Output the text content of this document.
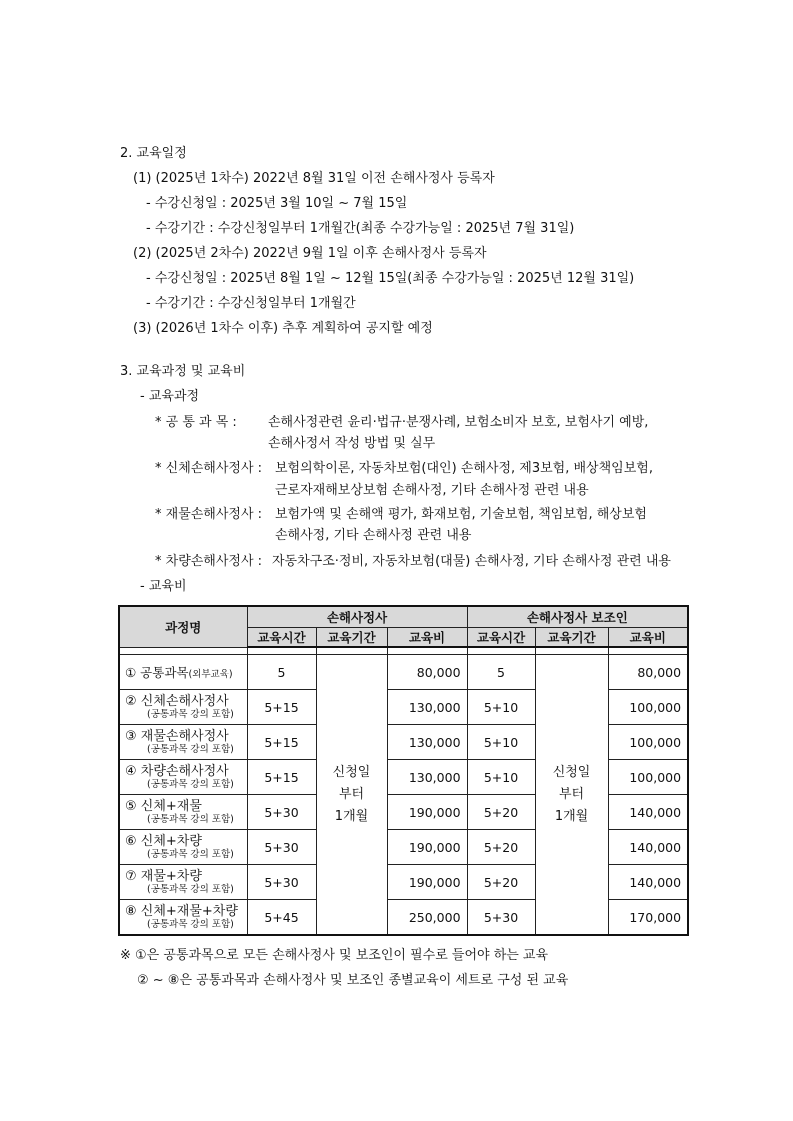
2. 교육일정
(1) (2025년 1차수) 2022년 8월 31일 이전 손해사정사 등록자
- 수강신청일 : 2025년 3월 10일 ~ 7월 15일
- 수강기간 : 수강신청일부터 1개월간(최종 수강가능일 : 2025년 7월 31일)
(2) (2025년 2차수) 2022년 9월 1일 이후 손해사정사 등록자
- 수강신청일 : 2025년 8월 1일 ~ 12월 15일(최종 수강가능일 : 2025년 12월 31일)
- 수강기간 : 수강신청일부터 1개월간
(3) (2026년 1차수 이후) 추후 계획하여 공지할 예정
3. 교육과정 및 교육비
- 교육과정
* 공 통 과 목 : 손해사정관련 윤리·법규·분쟁사례, 보험소비자 보호, 보험사기 예방,
손해사정서 작성 방법 및 실무
* 신체손해사정사 : 보험의학이론, 자동차보험(대인) 손해사정, 제3보험, 배상책임보험,
근로자재해보상보험 손해사정, 기타 손해사정 관련 내용
* 재물손해사정사 : 보험가액 및 손해액 평가, 화재보험, 기술보험, 책임보험, 해상보험
손해사정, 기타 손해사정 관련 내용
* 차량손해사정사 : 자동차구조·정비, 자동차보험(대물) 손해사정, 기타 손해사정 관련 내용
- 교육비
과정명	손해사정사			손해사정사 보조인		
	교육시간	교육기간	교육비	교육시간	교육기간	교육비

① 공통과목(외부교육)	5	신청일
부터
1개월	80,000	5	신청일
부터
1개월	80,000

② 신체손해사정사
(공통과목 강의 포함)	5+15		130,000	5+10		100,000

③ 재물손해사정사
(공통과목 강의 포함)	5+15		130,000	5+10		100,000

④ 차량손해사정사
(공통과목 강의 포함)	5+15		130,000	5+10		100,000

⑤ 신체+재물
(공통과목 강의 포함)	5+30		190,000	5+20		140,000

⑥ 신체+차량
(공통과목 강의 포함)	5+30		190,000	5+20		140,000

⑦ 재물+차량
(공통과목 강의 포함)	5+30		190,000	5+20		140,000

⑧ 신체+재물+차량
(공통과목 강의 포함)	5+45		250,000	5+30		170,000
※ ①은 공통과목으로 모든 손해사정사 및 보조인이 필수로 들어야 하는 교육
② ~ ⑧은 공통과목과 손해사정사 및 보조인 종별교육이 세트로 구성 된 교육
